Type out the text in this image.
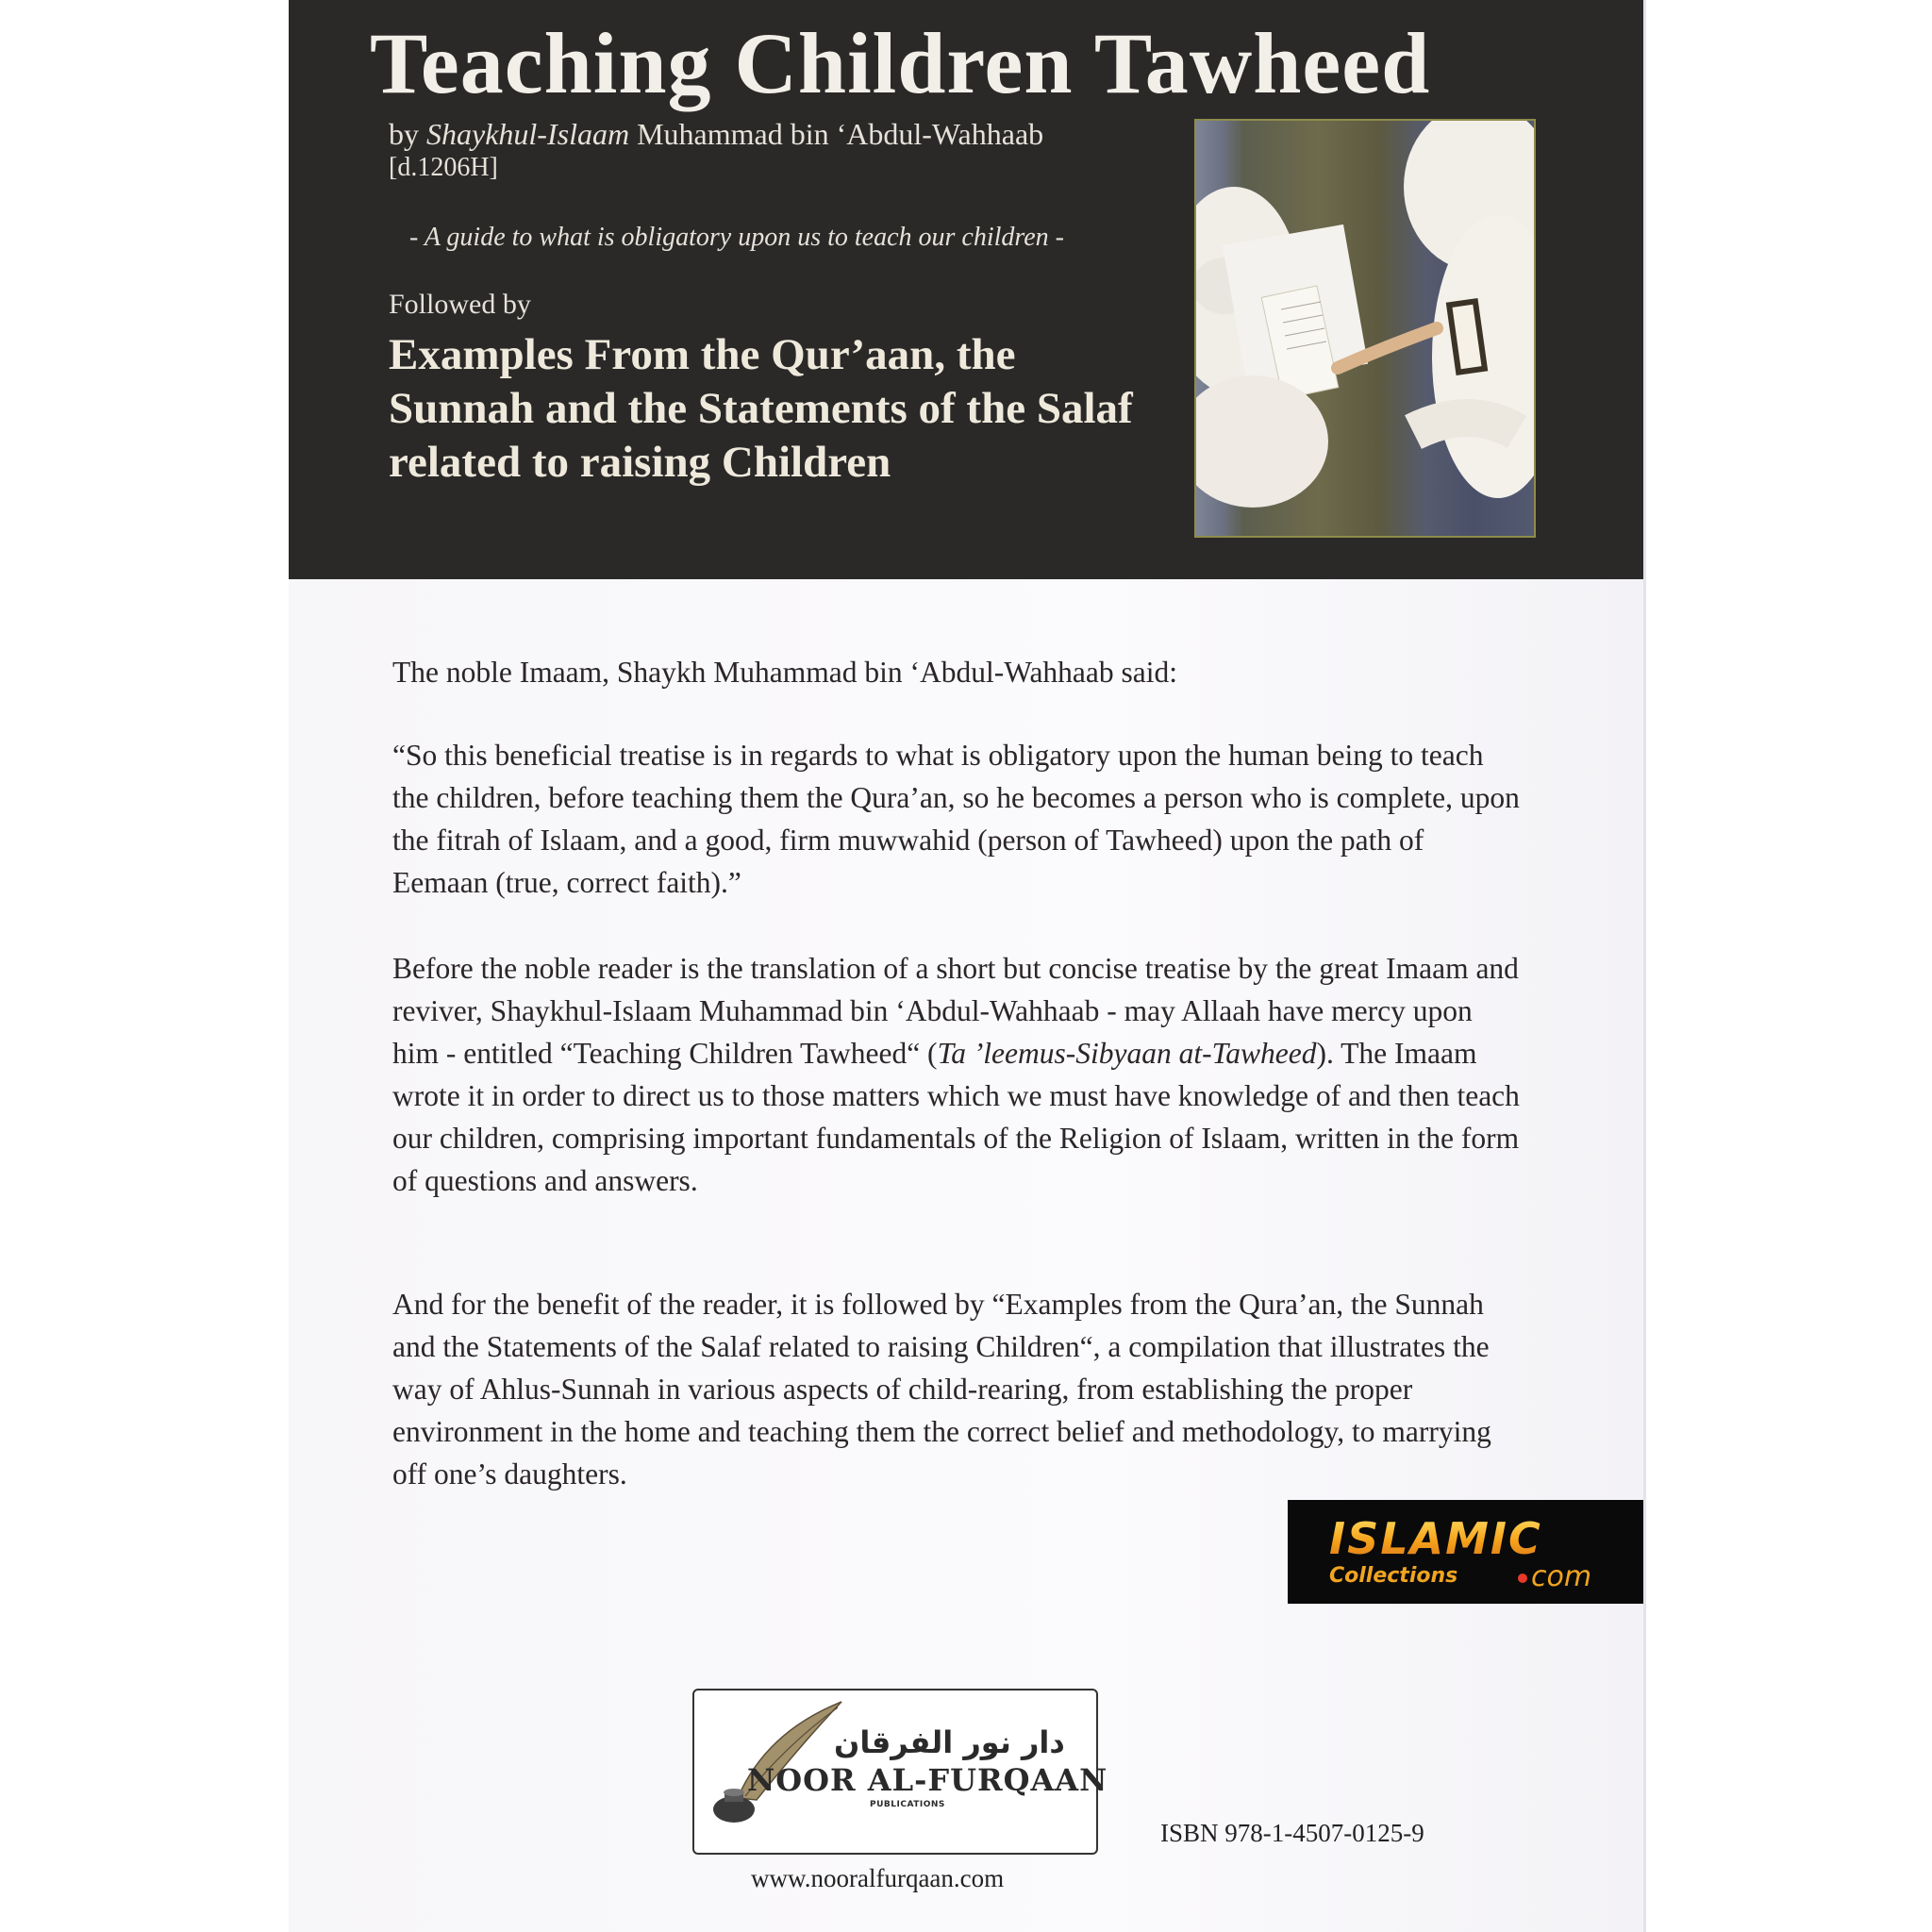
Teaching Children Tawheed
by Shaykhul-Islaam Muhammad bin ‘Abdul-Wahhaab
[d.1206H]
- A guide to what is obligatory upon us to teach our children -
Followed by
Examples From the Qur’aan, the Sunnah and the Statements of the Salaf related to raising Children

The noble Imaam, Shaykh Muhammad bin ‘Abdul-Wahhaab said:

“So this beneficial treatise is in regards to what is obligatory upon the human being to teach the children, before teaching them the Qura’an, so he becomes a person who is complete, upon the fitrah of Islaam, and a good, firm muwwahid (person of Tawheed) upon the path of Eemaan (true, correct faith).”

Before the noble reader is the translation of a short but concise treatise by the great Imaam and reviver, Shaykhul-Islaam Muhammad bin ‘Abdul-Wahhaab - may Allaah have mercy upon him - entitled “Teaching Children Tawheed“ (Ta ’leemus-Sibyaan at-Tawheed). The Imaam wrote it in order to direct us to those matters which we must have knowledge of and then teach our children, comprising important fundamentals of the Religion of Islaam, written in the form of questions and answers.

And for the benefit of the reader, it is followed by “Examples from the Qura’an, the Sunnah and the Statements of the Salaf related to raising Children“, a compilation that illustrates the way of Ahlus-Sunnah in various aspects of child-rearing, from establishing the proper environment in the home and teaching them the correct belief and methodology, to marrying off one’s daughters.

ISLAMIC
Collections	com
دار نور الفرقان
NOOR AL-FURQAAN
PUBLICATIONS
ISBN 978-1-4507-0125-9
www.nooralfurqaan.com
